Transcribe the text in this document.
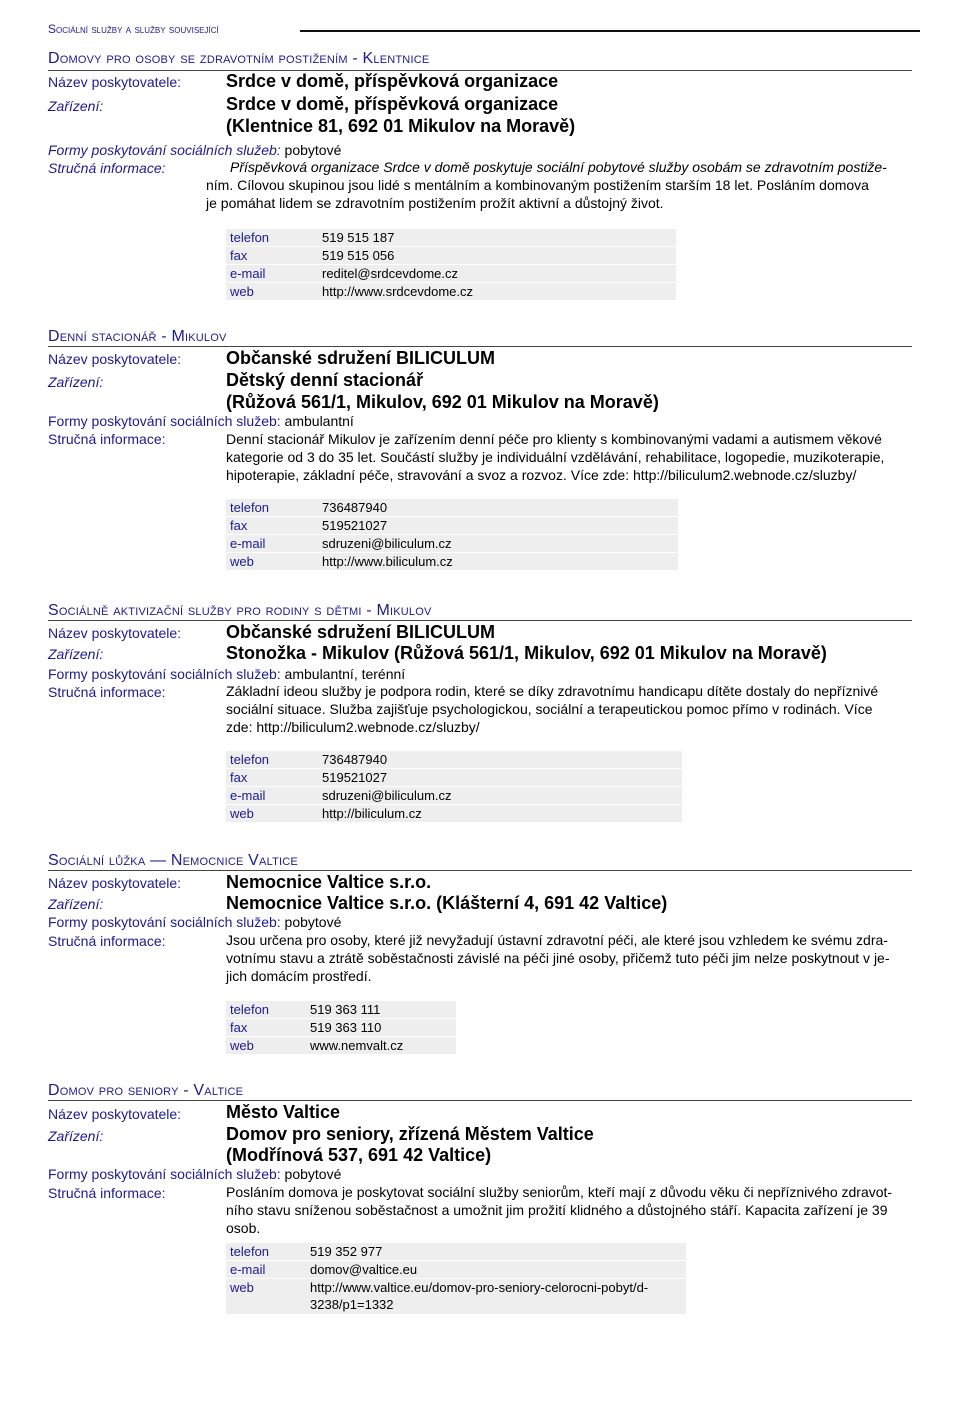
Sociální služby a služby související
Domovy pro osoby se zdravotním postižením - Klentnice
Název poskytovatele: Srdce v domě, příspěvková organizace
Zařízení:	Srdce v domě, příspěvková organizace
(Klentnice 81, 692 01 Mikulov na Moravě)
Formy poskytování sociálních služeb: pobytové
Stručná informace:	Příspěvková organizace Srdce v domě poskytuje sociální pobytové služby osobám se zdravotním postiže-
ním. Cílovou skupinou jsou lidé s mentálním a kombinovaným postižením starším 18 let. Posláním domova
je pomáhat lidem se zdravotním postižením prožít aktivní a důstojný život.
telefon	519 515 187
fax	519 515 056
e-mail	reditel@srdcevdome.cz
web	http://www.srdcevdome.cz
Denní stacionář - Mikulov
Název poskytovatele: Občanské sdružení BILICULUM
Zařízení:	Dětský denní stacionář
(Růžová 561/1, Mikulov, 692 01 Mikulov na Moravě)
Formy poskytování sociálních služeb: ambulantní
Stručná informace:	Denní stacionář Mikulov je zařízením denní péče pro klienty s kombinovanými vadami a autismem věkové
kategorie od 3 do 35 let. Součástí služby je individuální vzdělávání, rehabilitace, logopedie, muzikoterapie,
hipoterapie, základní péče, stravování a svoz a rozvoz. Více zde: http://biliculum2.webnode.cz/sluzby/
telefon	736487940
fax	519521027
e-mail	sdruzeni@biliculum.cz
web	http://www.biliculum.cz
Sociálně aktivizační služby pro rodiny s dětmi - Mikulov
Název poskytovatele: Občanské sdružení BILICULUM
Zařízení:	Stonožka - Mikulov (Růžová 561/1, Mikulov, 692 01 Mikulov na Moravě)
Formy poskytování sociálních služeb: ambulantní, terénní
Stručná informace:	Základní ideou služby je podpora rodin, které se díky zdravotnímu handicapu dítěte dostaly do nepříznivé
sociální situace. Služba zajišťuje psychologickou, sociální a terapeutickou pomoc přímo v rodinách. Více
zde: http://biliculum2.webnode.cz/sluzby/
telefon	736487940
fax	519521027
e-mail	sdruzeni@biliculum.cz
web	http://biliculum.cz
Sociální lůžka — Nemocnice Valtice
Název poskytovatele: Nemocnice Valtice s.r.o.
Zařízení:	Nemocnice Valtice s.r.o. (Klášterní 4, 691 42 Valtice)
Formy poskytování sociálních služeb: pobytové
Stručná informace:	Jsou určena pro osoby, které již nevyžadují ústavní zdravotní péči, ale které jsou vzhledem ke svému zdra-
votnímu stavu a ztrátě soběstačnosti závislé na péči jiné osoby, přičemž tuto péči jim nelze poskytnout v je-
jich domácím prostředí.
telefon	519 363 111
fax	519 363 110
web	www.nemvalt.cz
Domov pro seniory - Valtice
Název poskytovatele: Město Valtice
Zařízení:	Domov pro seniory, zřízená Městem Valtice
(Modřínová 537, 691 42 Valtice)
Formy poskytování sociálních služeb: pobytové
Stručná informace:	Posláním domova je poskytovat sociální služby seniorům, kteří mají z důvodu věku či nepříznivého zdravot-
ního stavu sníženou soběstačnost a umožnit jim prožití klidného a důstojného stáří. Kapacita zařízení je 39
osob.
telefon	519 352 977
e-mail	domov@valtice.eu
web	http://www.valtice.eu/domov-pro-seniory-celorocni-pobyt/d-
3238/p1=1332
